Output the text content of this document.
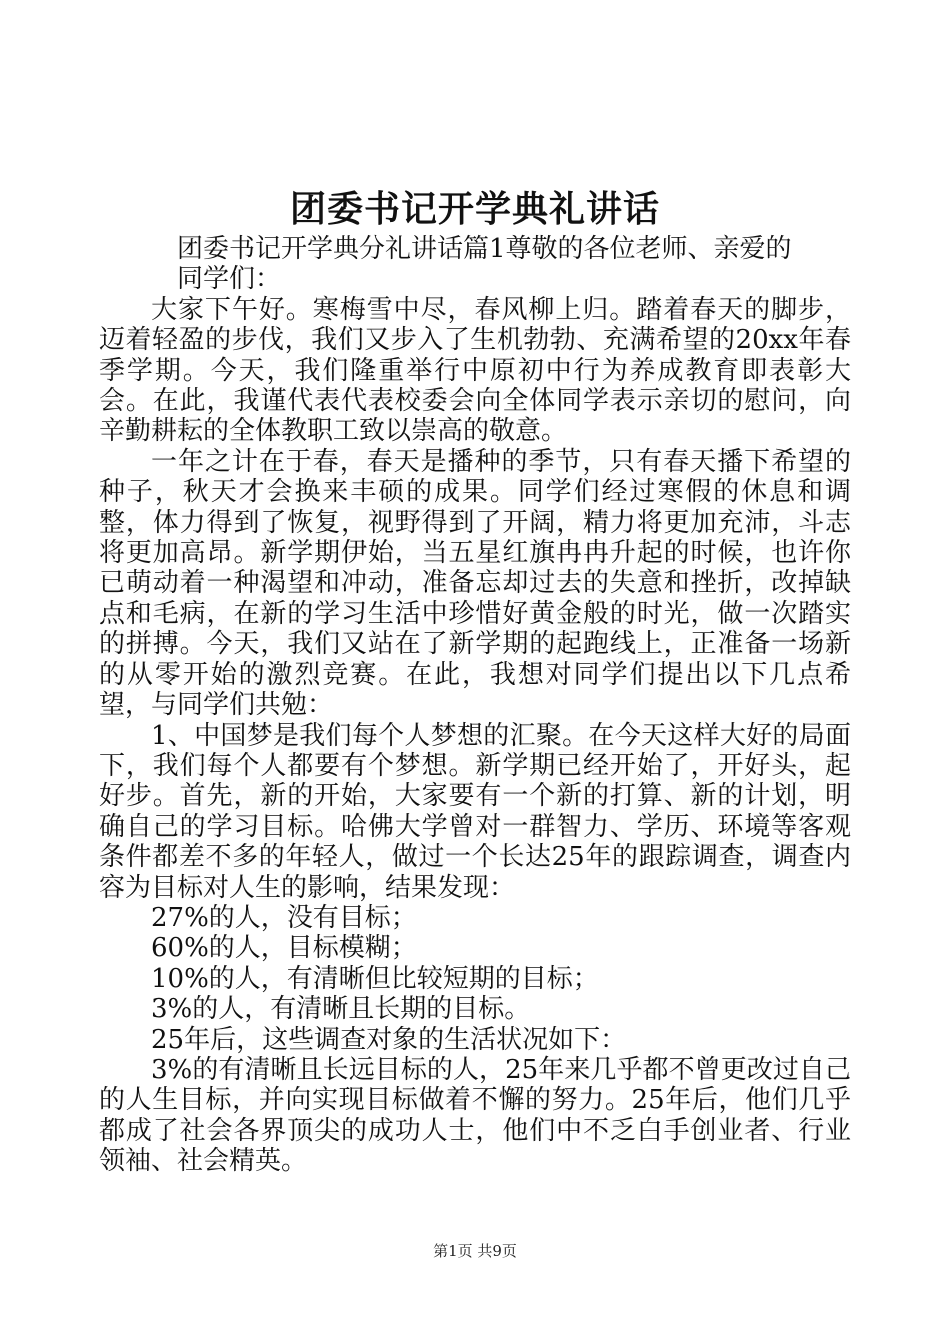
团委书记开学典礼讲话

团委书记开学典分礼讲话篇1尊敬的各位老师、亲爱的同学们：

大家下午好。寒梅雪中尽，春风柳上归。踏着春天的脚步，迈着轻盈的步伐，我们又步入了生机勃勃、充满希望的20xx年春季学期。今天，我们隆重举行中原初中行为养成教育即表彰大会。在此，我谨代表代表校委会向全体同学表示亲切的慰问，向辛勤耕耘的全体教职工致以崇高的敬意。

一年之计在于春，春天是播种的季节，只有春天播下希望的种子，秋天才会换来丰硕的成果。同学们经过寒假的休息和调整，体力得到了恢复，视野得到了开阔，精力将更加充沛，斗志将更加高昂。新学期伊始，当五星红旗冉冉升起的时候，也许你已萌动着一种渴望和冲动，准备忘却过去的失意和挫折，改掉缺点和毛病，在新的学习生活中珍惜好黄金般的时光，做一次踏实的拼搏。今天，我们又站在了新学期的起跑线上，正准备一场新的从零开始的激烈竞赛。在此，我想对同学们提出以下几点希望，与同学们共勉：

1、中国梦是我们每个人梦想的汇聚。在今天这样大好的局面下，我们每个人都要有个梦想。新学期已经开始了，开好头，起好步。首先，新的开始，大家要有一个新的打算、新的计划，明确自己的学习目标。哈佛大学曾对一群智力、学历、环境等客观条件都差不多的年轻人，做过一个长达25年的跟踪调查，调查内容为目标对人生的影响，结果发现：

27%的人，没有目标；

60%的人，目标模糊；

10%的人，有清晰但比较短期的目标；

3%的人，有清晰且长期的目标。

25年后，这些调查对象的生活状况如下：

3%的有清晰且长远目标的人，25年来几乎都不曾更改过自己的人生目标，并向实现目标做着不懈的努力。25年后，他们几乎都成了社会各界顶尖的成功人士，他们中不乏白手创业者、行业领袖、社会精英。

第1页 共9页
